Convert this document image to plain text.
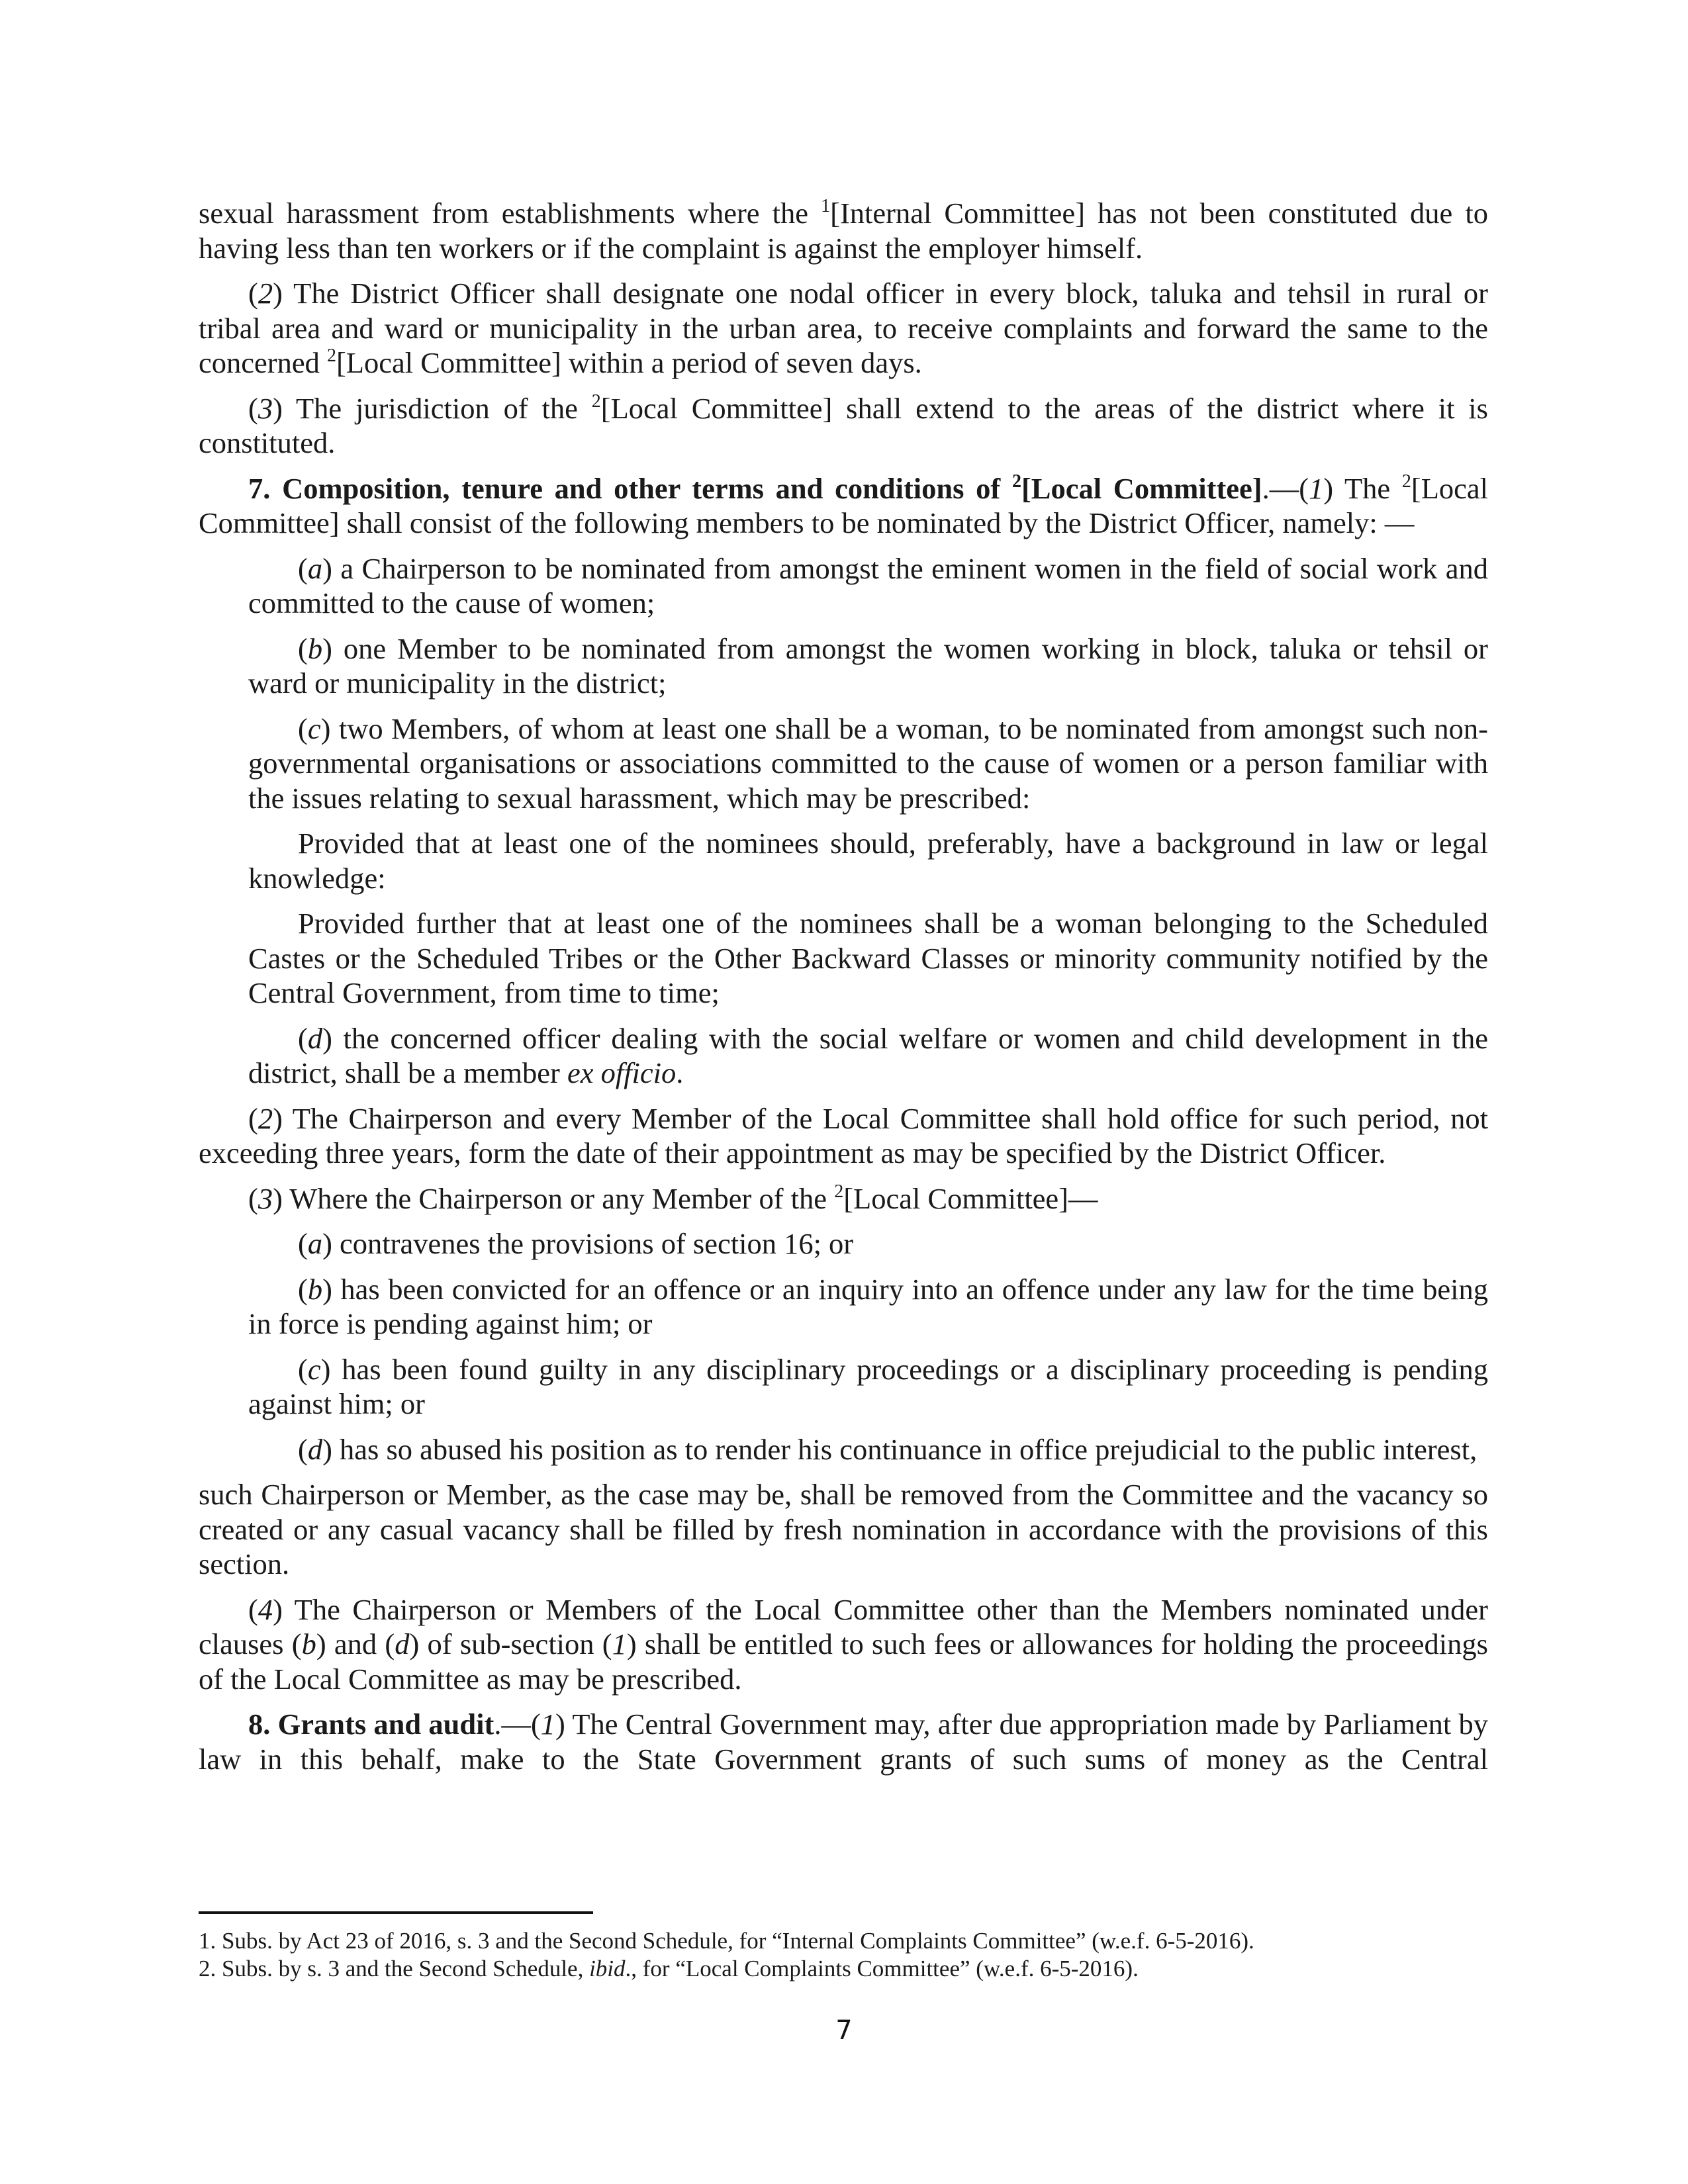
sexual harassment from establishments where the $^1$[Internal Committee] has not been constituted due to having less than ten workers or if the complaint is against the employer himself.

(2) The District Officer shall designate one nodal officer in every block, taluka and tehsil in rural or tribal area and ward or municipality in the urban area, to receive complaints and forward the same to the concerned $^2$[Local Committee] within a period of seven days.

(3) The jurisdiction of the $^2$[Local Committee] shall extend to the areas of the district where it is constituted.

7. Composition, tenure and other terms and conditions of $^2$[Local Committee].—(1) The $^2$[Local Committee] shall consist of the following members to be nominated by the District Officer, namely: —

(a) a Chairperson to be nominated from amongst the eminent women in the field of social work and committed to the cause of women;

(b) one Member to be nominated from amongst the women working in block, taluka or tehsil or ward or municipality in the district;

(c) two Members, of whom at least one shall be a woman, to be nominated from amongst such non-governmental organisations or associations committed to the cause of women or a person familiar with the issues relating to sexual harassment, which may be prescribed:

Provided that at least one of the nominees should, preferably, have a background in law or legal knowledge:

Provided further that at least one of the nominees shall be a woman belonging to the Scheduled Castes or the Scheduled Tribes or the Other Backward Classes or minority community notified by the Central Government, from time to time;

(d) the concerned officer dealing with the social welfare or women and child development in the district, shall be a member ex officio.

(2) The Chairperson and every Member of the Local Committee shall hold office for such period, not exceeding three years, form the date of their appointment as may be specified by the District Officer.

(3) Where the Chairperson or any Member of the $^2$[Local Committee]—

(a) contravenes the provisions of section 16; or

(b) has been convicted for an offence or an inquiry into an offence under any law for the time being in force is pending against him; or

(c) has been found guilty in any disciplinary proceedings or a disciplinary proceeding is pending against him; or

(d) has so abused his position as to render his continuance in office prejudicial to the public interest,

such Chairperson or Member, as the case may be, shall be removed from the Committee and the vacancy so created or any casual vacancy shall be filled by fresh nomination in accordance with the provisions of this section.

(4) The Chairperson or Members of the Local Committee other than the Members nominated under clauses (b) and (d) of sub-section (1) shall be entitled to such fees or allowances for holding the proceedings of the Local Committee as may be prescribed.

8. Grants and audit.—(1) The Central Government may, after due appropriation made by Parliament by law in this behalf, make to the State Government grants of such sums of money as the Central

1. Subs. by Act 23 of 2016, s. 3 and the Second Schedule, for “Internal Complaints Committee” (w.e.f. 6-5-2016).
2. Subs. by s. 3 and the Second Schedule, ibid., for “Local Complaints Committee” (w.e.f. 6-5-2016).
7
